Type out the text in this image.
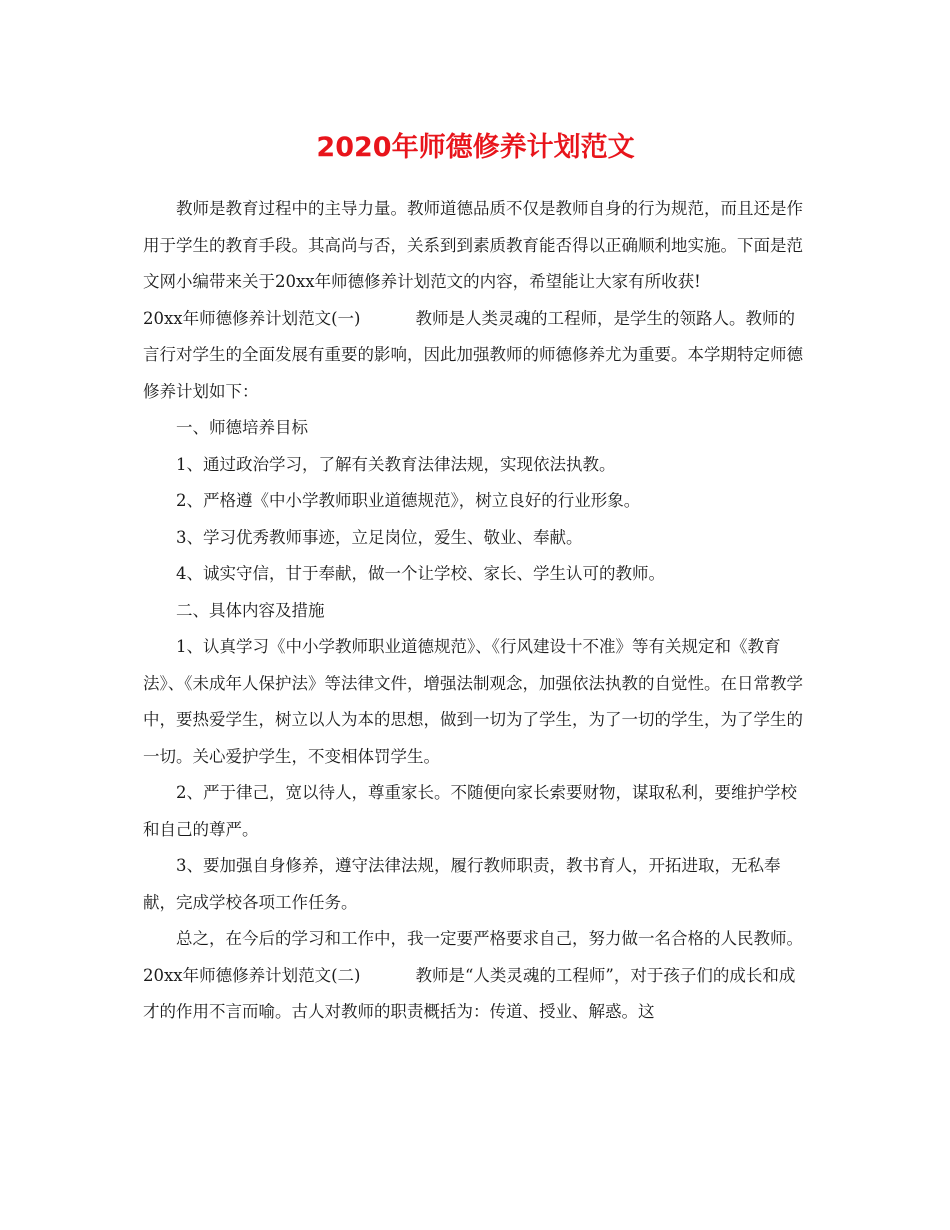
2020年师德修养计划范文

教师是教育过程中的主导力量。教师道德品质不仅是教师自身的行为规范，而且还是作用于学生的教育手段。其高尚与否，关系到到素质教育能否得以正确顺利地实施。下面是范文网小编带来关于20xx年师德修养计划范文的内容，希望能让大家有所收获!

20xx年师德修养计划范文(一)	教师是人类灵魂的工程师，是学生的领路人。教师的言行对学生的全面发展有重要的影响，因此加强教师的师德修养尤为重要。本学期特定师德修养计划如下：

一、师德培养目标

1、通过政治学习，了解有关教育法律法规，实现依法执教。

2、严格遵《中小学教师职业道德规范》，树立良好的行业形象。

3、学习优秀教师事迹，立足岗位，爱生、敬业、奉献。

4、诚实守信，甘于奉献，做一个让学校、家长、学生认可的教师。

二、具体内容及措施

1、认真学习《中小学教师职业道德规范》、《行风建设十不准》等有关规定和《教育法》、《未成年人保护法》等法律文件，增强法制观念，加强依法执教的自觉性。在日常教学中，要热爱学生，树立以人为本的思想，做到一切为了学生，为了一切的学生，为了学生的一切。关心爱护学生，不变相体罚学生。

2、严于律己，宽以待人，尊重家长。不随便向家长索要财物，谋取私利，要维护学校和自己的尊严。

3、要加强自身修养，遵守法律法规，履行教师职责，教书育人，开拓进取，无私奉献，完成学校各项工作任务。

总之，在今后的学习和工作中，我一定要严格要求自己，努力做一名合格的人民教师。

20xx年师德修养计划范文(二)	教师是“人类灵魂的工程师”，对于孩子们的成长和成才的作用不言而喻。古人对教师的职责概括为：传道、授业、解惑。这
